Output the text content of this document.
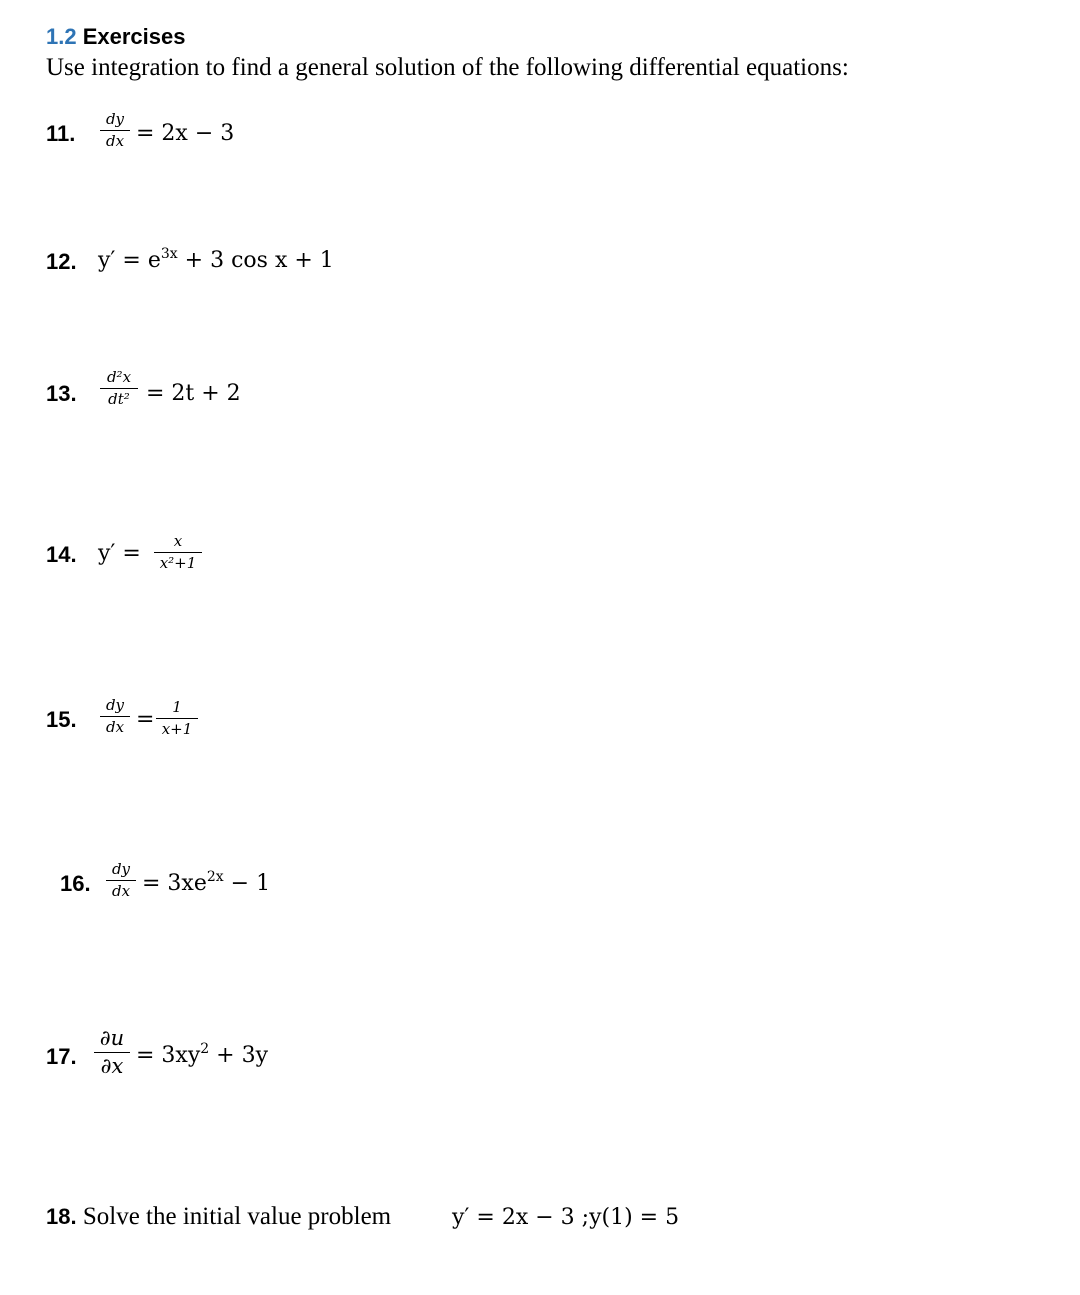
1.2 Exercises
Use integration to find a general solution of the following differential equations:
11.
dy
dx = 2x − 3
12. $y' = e^{3x} + 3$ cos x + 1
13.
d²x
dt² = 2t + 2
14. y′ =	x
x²+1
15.
dy
dx =	1
x+1
16.
dy
dx = $3xe^{2x} - 1$
17.
∂u
$\partial x = 3xy^2 + 3y$
18. Solve the initial value problem	y′ = 2x − 3 ;y(1) = 5
